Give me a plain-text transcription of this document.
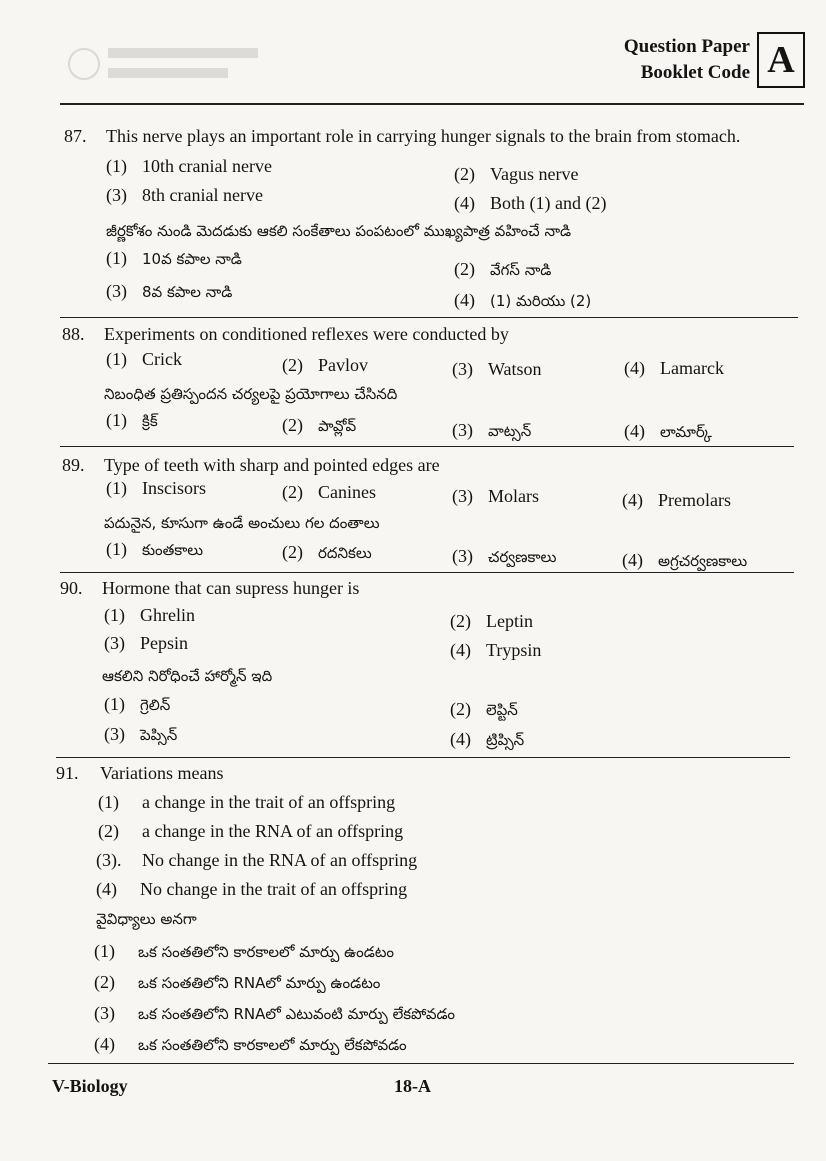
Question Paper
Booklet Code A
87. This nerve plays an important role in carrying hunger signals to the brain from stomach.
(1) 10th cranial nerve	(2) Vagus nerve
(3) 8th cranial nerve	(4) Both (1) and (2)
జీర్ణకోశం నుండి మెదడుకు ఆకలి సంకేతాలు పంపటంలో ముఖ్యపాత్ర వహించే నాడి
(1) 10వ కపాల నాడి	(2) వేగస్ నాడి
(3) 8వ కపాల నాడి	(4) (1) మరియు (2)
88. Experiments on conditioned reflexes were conducted by
(1) Crick	(2) Pavlov	(3) Watson	(4) Lamarck
నిబంధిత ప్రతిస్పందన చర్యలపై ప్రయోగాలు చేసినది
(1) క్రిక్	(2) పావ్లోవ్	(3) వాట్సన్	(4) లామార్క్
89. Type of teeth with sharp and pointed edges are
(1) Inscisors	(2) Canines	(3) Molars	(4) Premolars
పదునైన, కూసుగా ఉండే అంచులు గల దంతాలు
(1) కుంతకాలు	(2) రదనికలు	(3) చర్వణకాలు	(4) అగ్రచర్వణకాలు
90. Hormone that can supress hunger is
(1) Ghrelin	(2) Leptin
(3) Pepsin	(4) Trypsin
ఆకలిని నిరోధించే హార్మోన్ ఇది
(1) గ్రెలిన్	(2) లెప్టిన్
(3) పెప్సిన్	(4) ట్రిప్సిన్
91. Variations means
(1) a change in the trait of an offspring
(2) a change in the RNA of an offspring
(3). No change in the RNA of an offspring
(4) No change in the trait of an offspring
వైవిధ్యాలు అనగా
(1) ఒక సంతతిలోని కారకాలలో మార్పు ఉండటం
(2) ఒక సంతతిలోని RNAలో మార్పు ఉండటం
(3) ఒక సంతతిలోని RNAలో ఎటువంటి మార్పు లేకపోవడం
(4) ఒక సంతతిలోని కారకాలలో మార్పు లేకపోవడం
V-Biology	18-A
